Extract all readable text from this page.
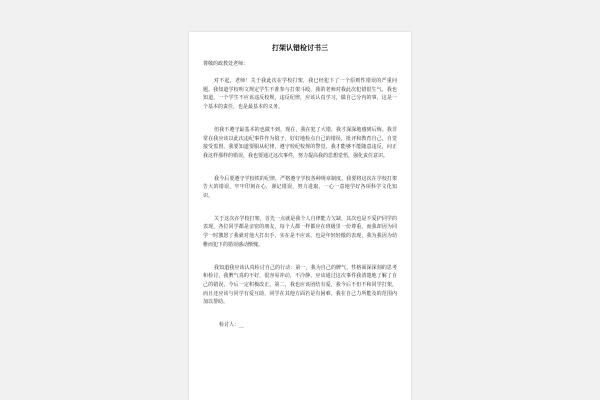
打架认错检讨书三
尊敬的政教处老师：

对不起，老师！关于我此次在学校打架，我已经犯下了一个原则性错误的严重问题。我知道学校明文规定学生不准参与打架斗殴，我的老师对我此次犯错很生气，我也知道，一个学生不应该违反校规，违反纪律，应该认真学习，做自己分内的事，这是一个基本的责任，也是最基本的义务。

但我不遵守最基本的也做不到，现在，我在犯了大错，我才深深地感到后悔。我非常在我应该以此次违纪事件作为镜子，好好地检点自己的错误，批评和教育自己，自觉接受监督。我要知道要服从纪律，遵守校纪校规的警觉，我才能够不能随意违反，问正我这样那样的错误，我也要通过这次事件，努力提高我的思想觉悟，强化责任意识。

我今后要遵守学校铁的纪律，严格遵守学校各种规章制度。我要将这次在学校打架告大的错误，牢牢印刻在心，谨记错误，努力进取，一心一意地学好各项科学文化知识。

关于这次在学校打架，首先一点就是我个人自律能力欠缺，其次也是不爱护同学的表现，各位同学都是亲密的朋友，每个人都一样都应在班级里一份尊重，而我却因为同学一时激怒了我就对他大打出手，实在是不应该，也是年轻轻傲的表现，我为我因为幼稚而犯下的错误感动惭愧。

我知道我应该认真检讨自己的行动：第一，我为自己的脾气，性格面深深刻的思考和检讨，我脾气真的不好，很容易冲动，不冷静，应该通过这次事件我清楚地了解了自己的错误，今后一定积极改正。第二，我也应该团结有爱，我今后不但不和同学打架，而且还应该与同学有爱互助，同学在其他方面若是有困难，我在自己力所能及的范围内加以帮助。

检讨人：__
